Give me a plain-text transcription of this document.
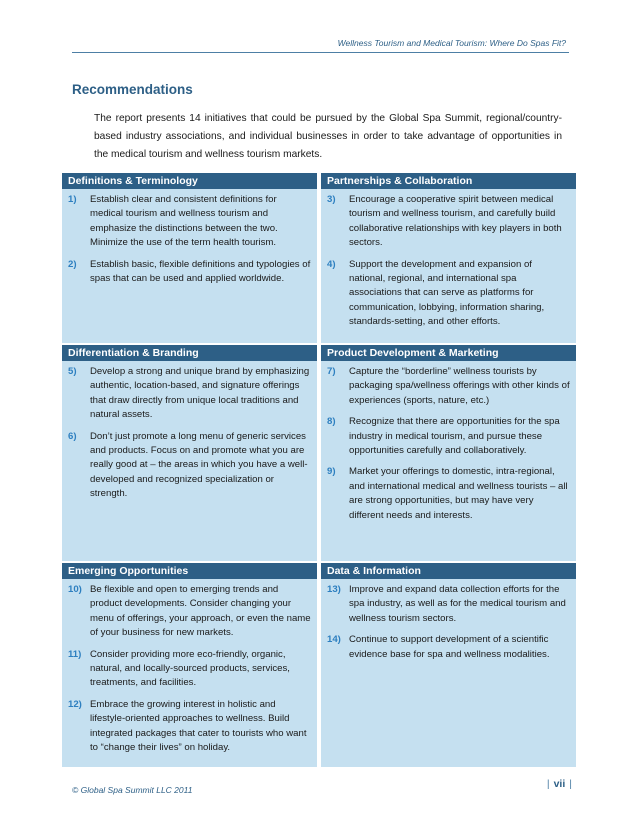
Wellness Tourism and Medical Tourism: Where Do Spas Fit?
Recommendations
The report presents 14 initiatives that could be pursued by the Global Spa Summit, regional/country-based industry associations, and individual businesses in order to take advantage of opportunities in the medical tourism and wellness tourism markets.
Definitions & Terminology	Partnerships & Collaboration
1) Establish clear and consistent definitions for medical tourism and wellness tourism and emphasize the distinctions between the two. Minimize the use of the term health tourism.
2) Establish basic, flexible definitions and typologies of spas that can be used and applied worldwide.
3) Encourage a cooperative spirit between medical tourism and wellness tourism, and carefully build collaborative relationships with key players in both sectors.
4) Support the development and expansion of national, regional, and international spa associations that can serve as platforms for communication, lobbying, information sharing, standards-setting, and other efforts.
Differentiation & Branding	Product Development & Marketing
5) Develop a strong and unique brand by emphasizing authentic, location-based, and signature offerings that draw directly from unique local traditions and natural assets.
6) Don’t just promote a long menu of generic services and products. Focus on and promote what you are really good at – the areas in which you have a well-developed and recognized specialization or strength.
7) Capture the “borderline” wellness tourists by packaging spa/wellness offerings with other kinds of experiences (sports, nature, etc.)
8) Recognize that there are opportunities for the spa industry in medical tourism, and pursue these opportunities carefully and collaboratively.
9) Market your offerings to domestic, intra-regional, and international medical and wellness tourists – all are strong opportunities, but may have very different needs and interests.
Emerging Opportunities	Data & Information
10) Be flexible and open to emerging trends and product developments. Consider changing your menu of offerings, your approach, or even the name of your business for new markets.
11) Consider providing more eco-friendly, organic, natural, and locally-sourced products, services, treatments, and facilities.
12) Embrace the growing interest in holistic and lifestyle-oriented approaches to wellness. Build integrated packages that cater to tourists who want to “change their lives” on holiday.
13) Improve and expand data collection efforts for the spa industry, as well as for the medical tourism and wellness tourism sectors.
14) Continue to support development of a scientific evidence base for spa and wellness modalities.
© Global Spa Summit LLC 2011	| vii |
